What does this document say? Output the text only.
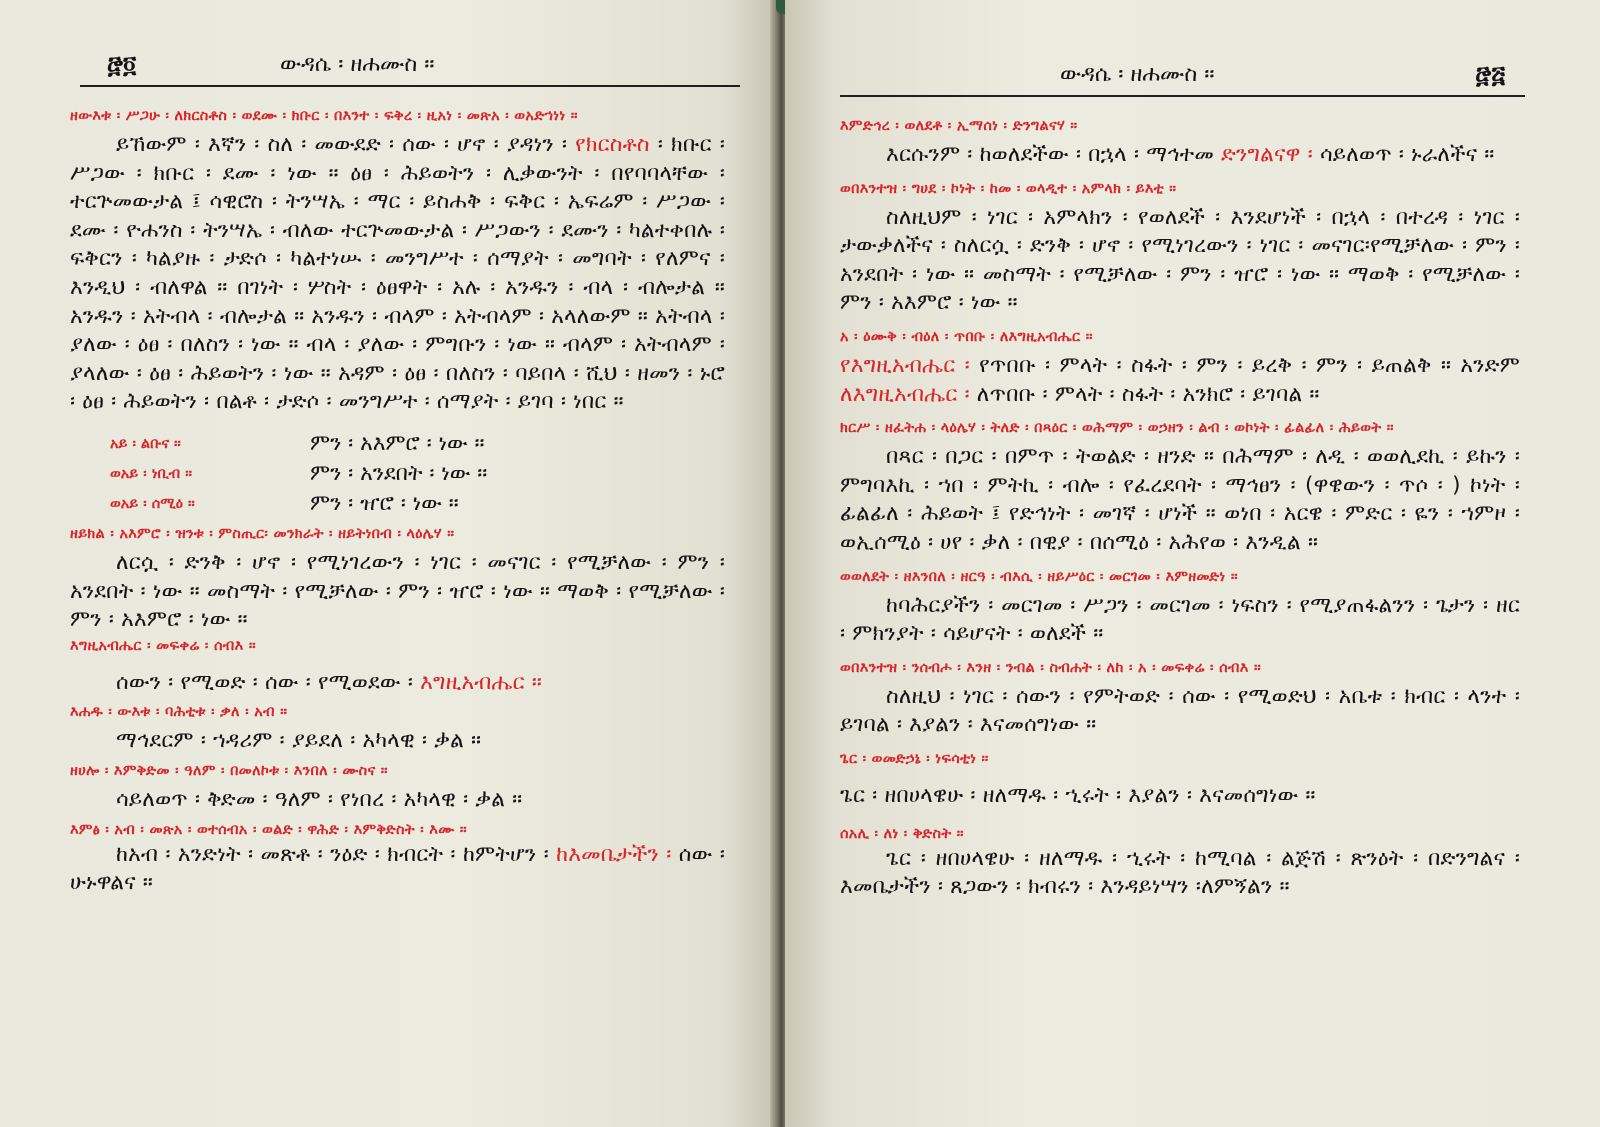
፸፬	ውዳሴ ፡ ዘሐሙስ ።

ዘውእቱ ፡ ሥጋሁ ፡ ለክርስቶስ ፡ ወደሙ ፡ ክቡር ፡ በእንተ ፡ ፍቅረ ፡ ዚአነ ፡ መጽአ ፡ ወአድኀነነ ።

ይኸውም ፡ እኛን ፡ ስለ ፡ መውደድ ፡ ሰው ፡ ሆኖ ፡ ያዳነን ፡ የክርስቶስ ፡ ክቡር ፡ ሥጋው ፡ ክቡር ፡ ደሙ ፡ ነው ። ዕፀ ፡ ሕይወትን ፡ ሊቃውንት ፡ በየባባላቸው ፡ ተርጕመውታል ፤ ሳዊሮስ ፡ ትንሣኤ ፡ ማር ፡ ይስሐቅ ፡ ፍቅር ፡ ኤፍሬም ፡ ሥጋው ፡ ደሙ ፡ ዮሐንስ ፡ ትንሣኤ ፡ ብለው ተርጕመውታል ፡ ሥጋውን ፡ ደሙን ፡ ካልተቀበሉ ፡ ፍቅርን ፡ ካልያዙ ፡ ታድሶ ፡ ካልተነሡ ፡ መንግሥተ ፡ ሰማያት ፡ መግባት ፡ የለምና ፡ እንዲህ ፡ ብለዋል ። በገነት ፡ ሦስት ፡ ዕፀዋት ፡ አሉ ፡ አንዱን ፡ ብላ ፡ ብሎታል ። አንዱን ፡ አትብላ ፡ ብሎታል ። አንዱን ፡ ብላም ፡ አትብላም ፡ አላለውም ። አትብላ ፡ ያለው ፡ ዕፀ ፡ በለስን ፡ ነው ። ብላ ፡ ያለው ፡ ምግቡን ፡ ነው ። ብላም ፡ አትብላም ፡ ያላለው ፡ ዕፀ ፡ ሕይወትን ፡ ነው ። አዳም ፡ ዕፀ ፡ በለስን ፡ ባይበላ ፡ ሺህ ፡ ዘመን ፡ ኑሮ ፡ ዕፀ ፡ ሕይወትን ፡ በልቶ ፡ ታድሶ ፡ መንግሥተ ፡ ሰማያት ፡ ይገባ ፡ ነበር ።

አይ ፡ ልቡና ።	ምን ፡ አእምሮ ፡ ነው ።
ወአይ ፡ ነቢብ ።	ምን ፡ አንደበት ፡ ነው ።
ወአይ ፡ ሰሚዕ ።	ምን ፡ ዠሮ ፡ ነው ።

ዘይክል ፡ አእምሮ ፡ ዝንቱ ፡ ምስጢር፡ መንክራት ፡ ዘይትነበብ ፡ ላዕሌሃ ።

ለርሷ ፡ ድንቅ ፡ ሆኖ ፡ የሚነገረውን ፡ ነገር ፡ መናገር ፡ የሚቻለው ፡ ምን ፡ አንደበት ፡ ነው ። መስማት ፡ የሚቻለው ፡ ምን ፡ ዠሮ ፡ ነው ። ማወቅ ፡ የሚቻለው ፡ ምን ፡ አእምሮ ፡ ነው ።

እግዚአብሔር ፡ መፍቀሬ ፡ ሰብእ ።

ሰውን ፡ የሚወድ ፡ ሰው ፡ የሚወደው ፡ እግዚአብሔር ።

እሐዱ ፡ ውእቱ ፡ ባሕቲቱ ፡ ቃለ ፡ አብ ።

ማኅደርም ፡ ኀዳሪም ፡ ያይደለ ፡ አካላዊ ፡ ቃል ።

ዘሀሎ ፡ እምቅድመ ፡ ዓለም ፡ በመለኮቱ ፡ እንበለ ፡ ሙስና ።

ሳይለወጥ ፡ ቅድመ ፡ ዓለም ፡ የነበረ ፡ አካላዊ ፡ ቃል ።

እምፅ ፡ አብ ፡ መጽአ ፡ ወተሰብአ ፡ ወልድ ፡ ዋሕድ ፡ እምቅድስት ፡ እሙ ።

ከአብ ፡ አንድነት ፡ መጽቶ ፡ ንዕድ ፡ ክብርት ፡ ከምትሆን ፡ ከእመቤታችን ፡ ሰው ፡ ሁኑዋልና ።

ውዳሴ ፡ ዘሐሙስ ።	፸፭

እምድኅረ ፡ ወለደቶ ፡ ኢማሰነ ፡ ድንግልናሃ ።

እርሱንም ፡ ከወለደችው ፡ በኋላ ፡ ማኅተመ ድንግልናዋ ፡ ሳይለወጥ ፡ ኑራለችና ።

ወበእንተዝ ፡ ግሀደ ፡ ኮነት ፡ ከመ ፡ ወላዲተ ፡ አምላክ ፡ ይእቲ ።

ስለዚህም ፡ ነገር ፡ አምላክን ፡ የወለደች ፡ እንደሆነች ፡ በኋላ ፡ በተረዳ ፡ ነገር ፡ ታውቃለችና ፡ ስለርሷ ፡ ድንቅ ፡ ሆኖ ፡ የሚነገረውን ፡ ነገር ፡ መናገር፡የሚቻለው ፡ ምን ፡ አንደበት ፡ ነው ። መስማት ፡ የሚቻለው ፡ ምን ፡ ዠሮ ፡ ነው ። ማወቅ ፡ የሚቻለው ፡ ምን ፡ አእምሮ ፡ ነው ።

አ ፡ ዕሙቅ ፡ ብዕለ ፡ ጥበቡ ፡ ለእግዚአብሔር ።

የእግዚአብሔር ፡ የጥበቡ ፡ ምላት ፡ ስፋት ፡ ምን ፡ ይረቅ ፡ ምን ፡ ይጠልቅ ። አንድም ለእግዚአብሔር ፡ ለጥበቡ ፡ ምላት ፡ ስፋት ፡ አንክሮ ፡ ይገባል ።

ክርሥ ፡ ዘፈትሐ ፡ ላዕሌሃ ፡ ትለድ ፡ በጻዕር ፡ ወሕማም ፡ ወኃዘን ፡ ልብ ፡ ወኮነት ፡ ፊልፊለ ፡ ሕይወት ።

በጻር ፡ በጋር ፡ በምጥ ፡ ትወልድ ፡ ዘንድ ። በሕማም ፡ ለዲ ፡ ወወሊደኪ ፡ ይኩን ፡ ምግባእኪ ፡ ኀበ ፡ ምትኪ ፡ ብሎ ፡ የፈረደባት ፡ ማኅፀን ፡ (ዋዌውን ፡ ጥሶ ፡ ) ኮነት ፡ ፊልፊለ ፡ ሕይወት ፤ የድኅነት ፡ መገኛ ፡ ሆነች ። ወነበ ፡ አርዌ ፡ ምድር ፡ ዬን ፡ ኀምዞ ፡ ወኢሰሚዕ ፡ ሀየ ፡ ቃለ ፡ በዊያ ፡ በሰሚዕ ፡ አሕየወ ፡ እንዲል ።

ወወለደት ፡ ዘእንበለ ፡ ዘርዓ ፡ ብእሲ ፡ ዘይሥዕር ፡ መርገመ ፡ እምዘመድነ ።

ከባሕርያችን ፡ መርገመ ፡ ሥጋን ፡ መርገመ ፡ ነፍስን ፡ የሚያጠፋልንን ፡ ጌታን ፡ ዘር ፡ ምክንያት ፡ ሳይሆናት ፡ ወለደች ።

ወበእንተዝ ፡ ንሰብሖ ፡ እንዘ ፡ ንብል ፡ ስብሐት ፡ ለከ ፡ አ ፡ መፍቀሬ ፡ ሰብእ ።

ስለዚህ ፡ ነገር ፡ ሰውን ፡ የምትወድ ፡ ሰው ፡ የሚወድህ ፡ አቤቱ ፡ ክብር ፡ ላንተ ፡ ይገባል ፡ እያልን ፡ እናመሰግነው ።

ጌር ፡ ወመድኃኔ ፡ ነፍሳቲነ ።

ጌር ፡ ዘበሀላዌሁ ፡ ዘለማዱ ፡ ኂሩት ፡ እያልን ፡ እናመሰግነው ።

ሰአሊ ፡ ለነ ፡ ቅድስት ።

ጌር ፡ ዘበሀላዌሁ ፡ ዘለማዱ ፡ ኂሩት ፡ ከሚባል ፡ ልጅሽ ፡ ጽንዕት ፡ በድንግልና ፡ እመቤታችን ፡ ጸጋውን ፡ ክብሩን ፡ እንዳይነሣን ፡ለምኝልን ።
